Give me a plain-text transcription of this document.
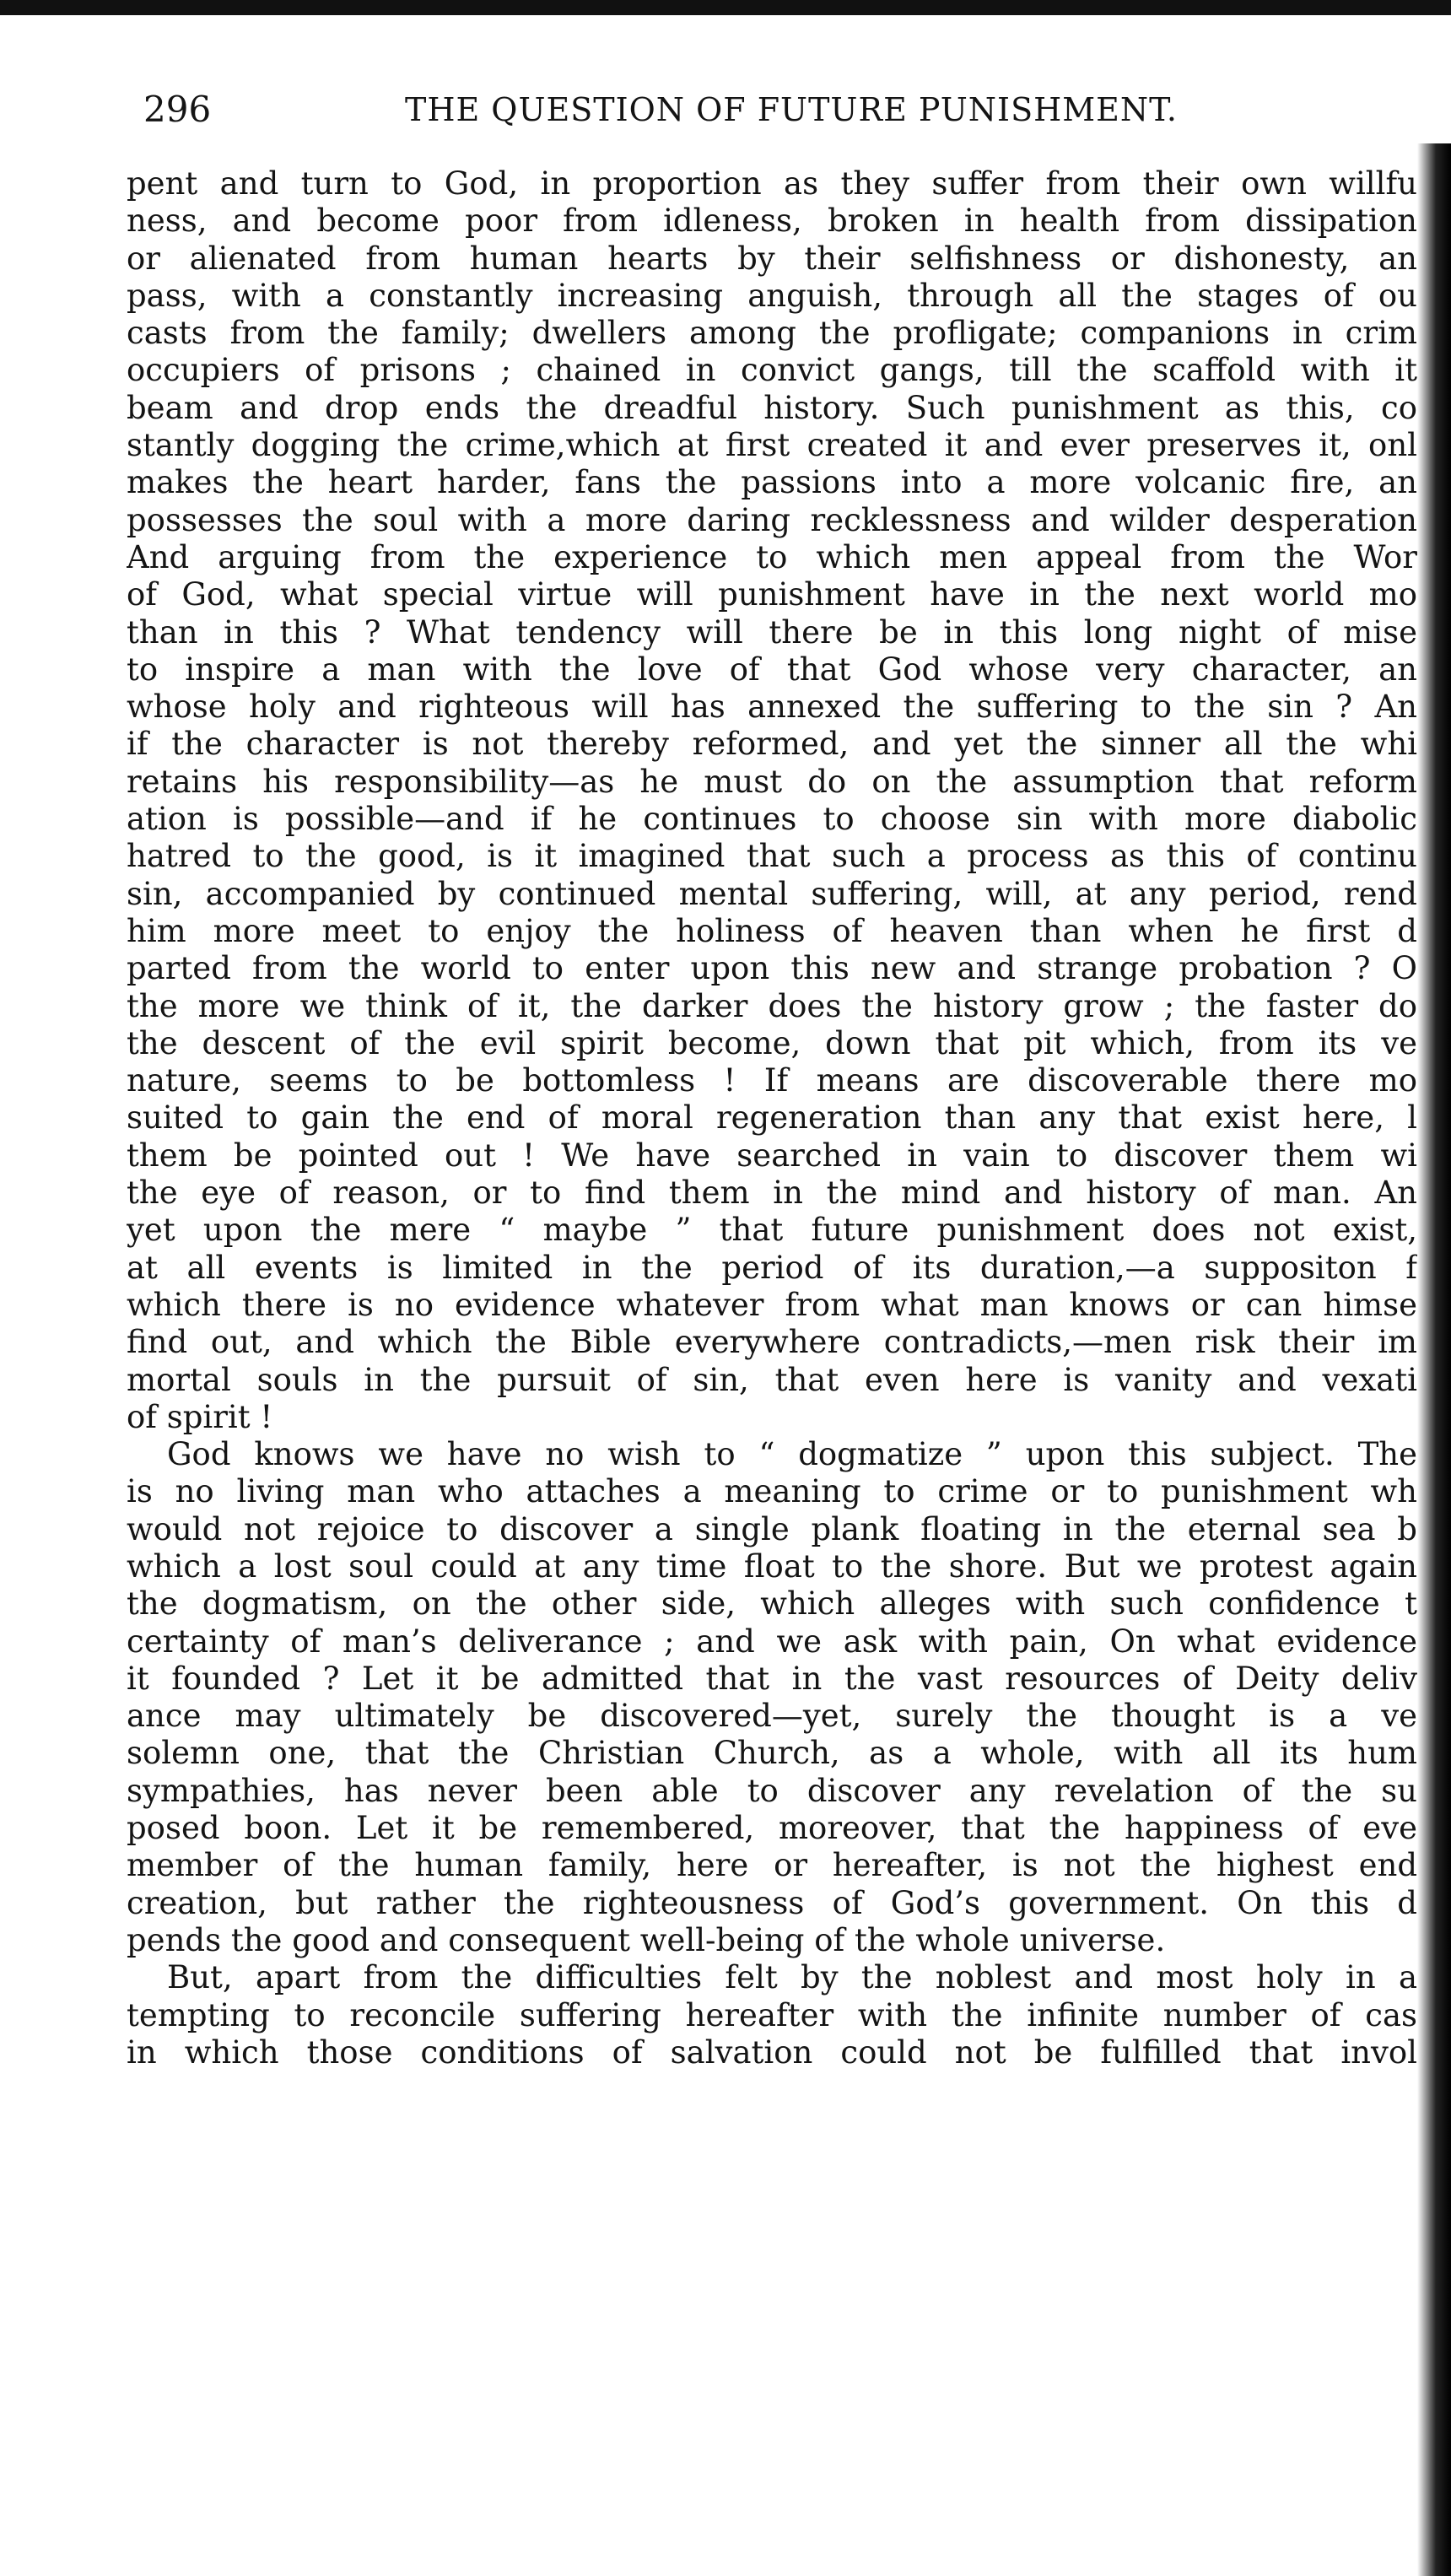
296	THE QUESTION OF FUTURE PUNISHMENT.
pent and turn to God, in proportion as they suffer from their own willfu
ness, and become poor from idleness, broken in health from dissipation
or alienated from human hearts by their selfishness or dishonesty, an
pass, with a constantly increasing anguish, through all the stages of ou
casts from the family; dwellers among the profligate; companions in crim
occupiers of prisons ; chained in convict gangs, till the scaffold with it
beam and drop ends the dreadful history. Such punishment as this, co
stantly dogging the crime,which at first created it and ever preserves it, onl
makes the heart harder, fans the passions into a more volcanic fire, an
possesses the soul with a more daring recklessness and wilder desperation
And arguing from the experience to which men appeal from the Wor
of God, what special virtue will punishment have in the next world mo
than in this ? What tendency will there be in this long night of mise
to inspire a man with the love of that God whose very character, an
whose holy and righteous will has annexed the suffering to the sin ? An
if the character is not thereby reformed, and yet the sinner all the whi
retains his responsibility—as he must do on the assumption that reform
ation is possible—and if he continues to choose sin with more diabolic
hatred to the good, is it imagined that such a process as this of continu
sin, accompanied by continued mental suffering, will, at any period, rend
him more meet to enjoy the holiness of heaven than when he first d
parted from the world to enter upon this new and strange probation ? O
the more we think of it, the darker does the history grow ; the faster do
the descent of the evil spirit become, down that pit which, from its ve
nature, seems to be bottomless ! If means are discoverable there mo
suited to gain the end of moral regeneration than any that exist here, l
them be pointed out ! We have searched in vain to discover them wi
the eye of reason, or to find them in the mind and history of man. An
yet upon the mere “ maybe ” that future punishment does not exist,
at all events is limited in the period of its duration,—a suppositon f
which there is no evidence whatever from what man knows or can himse
find out, and which the Bible everywhere contradicts,—men risk their im
mortal souls in the pursuit of sin, that even here is vanity and vexati
of spirit !
God knows we have no wish to “ dogmatize ” upon this subject. The
is no living man who attaches a meaning to crime or to punishment wh
would not rejoice to discover a single plank floating in the eternal sea b
which a lost soul could at any time float to the shore. But we protest again
the dogmatism, on the other side, which alleges with such confidence t
certainty of man’s deliverance ; and we ask with pain, On what evidence
it founded ? Let it be admitted that in the vast resources of Deity deliv
ance may ultimately be discovered—yet, surely the thought is a ve
solemn one, that the Christian Church, as a whole, with all its hum
sympathies, has never been able to discover any revelation of the su
posed boon. Let it be remembered, moreover, that the happiness of eve
member of the human family, here or hereafter, is not the highest end
creation, but rather the righteousness of God’s government. On this d
pends the good and consequent well-being of the whole universe.
But, apart from the difficulties felt by the noblest and most holy in a
tempting to reconcile suffering hereafter with the infinite number of cas
in which those conditions of salvation could not be fulfilled that invol
